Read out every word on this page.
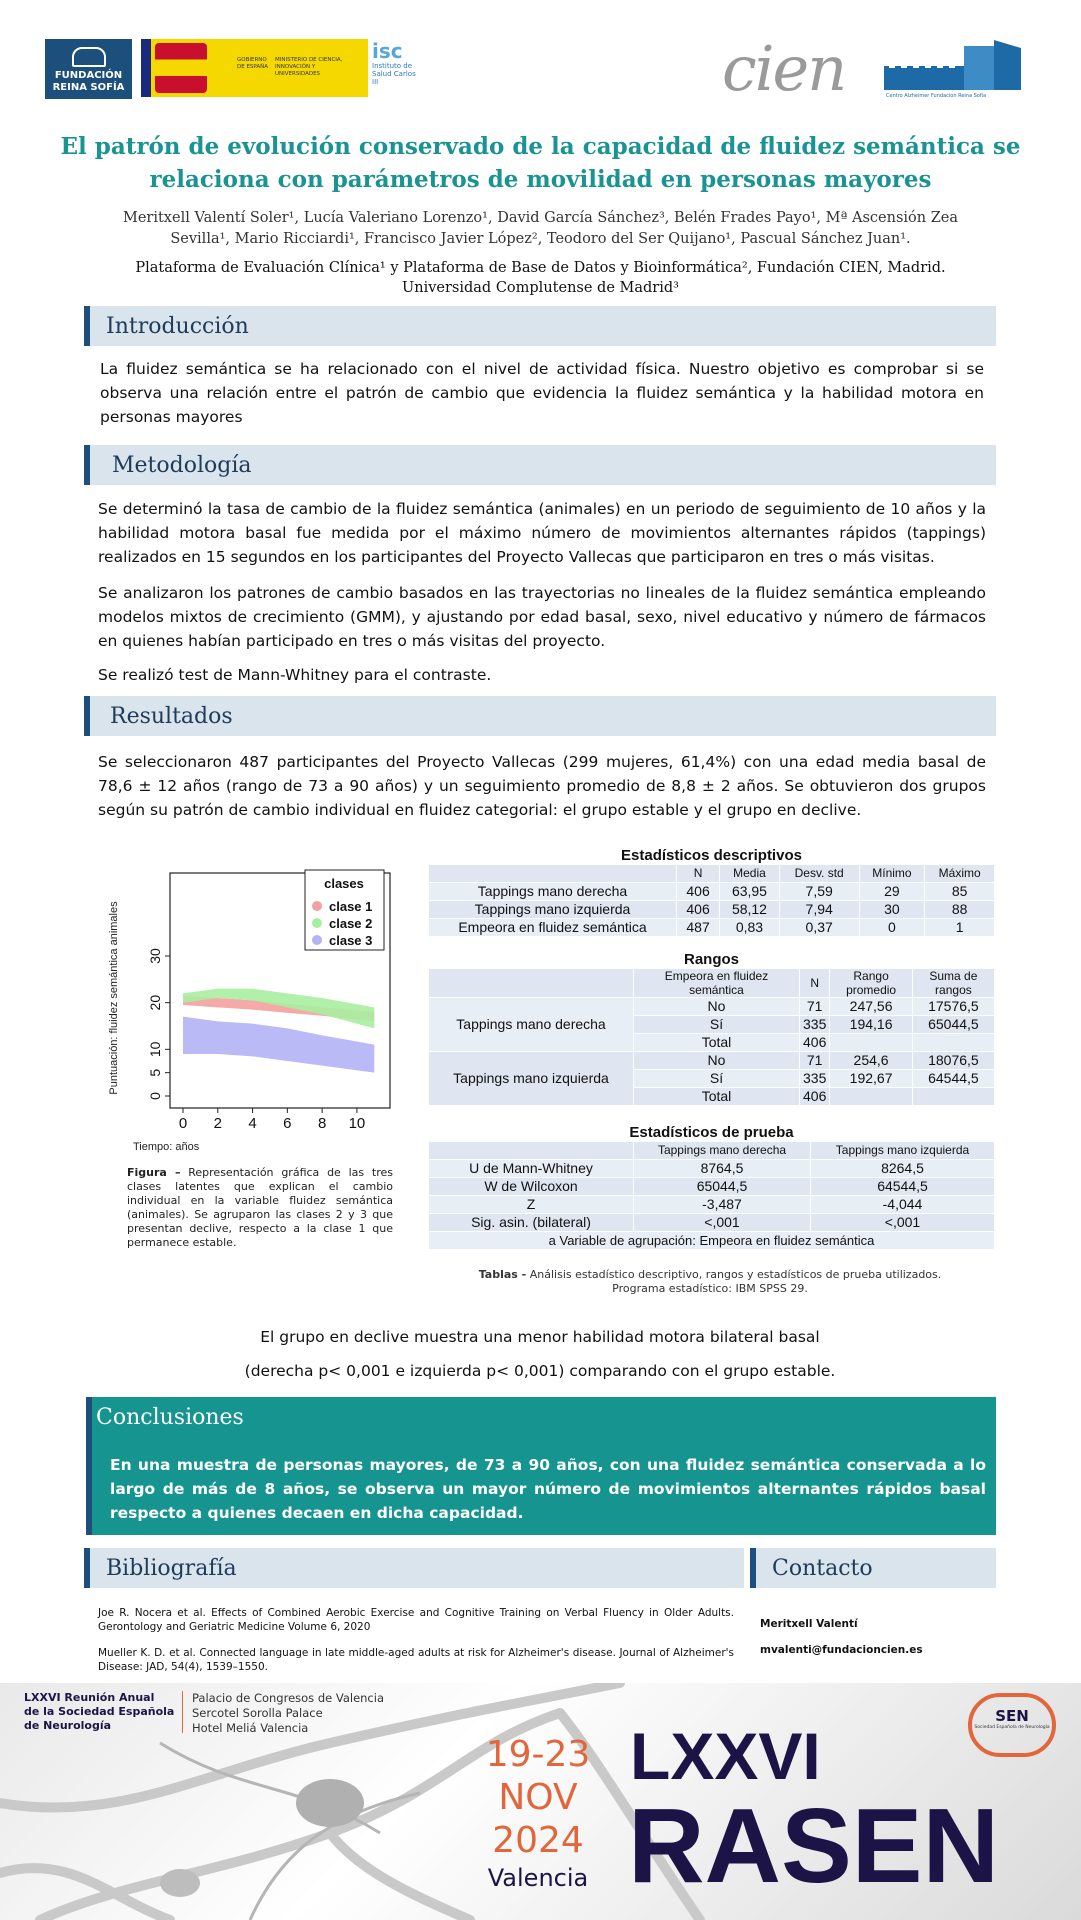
FUNDACIÓN REINA SOFÍA
GOBIERNO DE ESPAÑA
MINISTERIO DE CIENCIA, INNOVACIÓN Y UNIVERSIDADES
isc
Instituto de Salud Carlos III	cien	Centro Alzheimer Fundación Reina Sofía
El patrón de evolución conservado de la capacidad de fluidez semántica se relaciona con parámetros de movilidad en personas mayores
Meritxell Valentí Soler¹, Lucía Valeriano Lorenzo¹, David García Sánchez³, Belén Frades Payo¹, Mª Ascensión Zea Sevilla¹, Mario Ricciardi¹, Francisco Javier López², Teodoro del Ser Quijano¹, Pascual Sánchez Juan¹.
Plataforma de Evaluación Clínica¹ y Plataforma de Base de Datos y Bioinformática², Fundación CIEN, Madrid. Universidad Complutense de Madrid³
Introducción
La fluidez semántica se ha relacionado con el nivel de actividad física. Nuestro objetivo es comprobar si se observa una relación entre el patrón de cambio que evidencia la fluidez semántica y la habilidad motora en personas mayores
Metodología
Se determinó la tasa de cambio de la fluidez semántica (animales) en un periodo de seguimiento de 10 años y la habilidad motora basal fue medida por el máximo número de movimientos alternantes rápidos (tappings) realizados en 15 segundos en los participantes del Proyecto Vallecas que participaron en tres o más visitas.
Se analizaron los patrones de cambio basados en las trayectorias no lineales de la fluidez semántica empleando modelos mixtos de crecimiento (GMM), y ajustando por edad basal, sexo, nivel educativo y número de fármacos en quienes habían participado en tres o más visitas del proyecto.
Se realizó test de Mann-Whitney para el contraste.
Resultados
Se seleccionaron 487 participantes del Proyecto Vallecas (299 mujeres, 61,4%) con una edad media basal de 78,6 ± 12 años (rango de 73 a 90 años) y un seguimiento promedio de 8,8 ± 2 años. Se obtuvieron dos grupos según su patrón de cambio individual en fluidez categorial: el grupo estable y el grupo en declive.
0 2 4 6 8 10
0
5
10
20
30
Puntuación: fluidez semántica animales
Tiempo: años
clases
clase 1
clase 2
clase 3
Figura – Representación gráfica de las tres clases latentes que explican el cambio individual en la variable fluidez semántica (animales). Se agruparon las clases 2 y 3 que presentan declive, respecto a la clase 1 que permanece estable.
Estadísticos descriptivos					
	N	Media	Desv. std	Mínimo	Máximo
Tappings mano derecha	406	63,95	7,59	29	85
Tappings mano izquierda	406	58,12	7,94	30	88
Empeora en fluidez semántica	487	0,83	0,37	0	1
Rangos				
	Empeora en fluidez semántica	N	Rango promedio	Suma de rangos
Tappings mano derecha	No	71	247,56	17576,5
	Sí	335	194,16	65044,5
	Total	406		
Tappings mano izquierda	No	71	254,6	18076,5
	Sí	335	192,67	64544,5
	Total	406		
Estadísticos de prueba		
	Tappings mano derecha	Tappings mano izquierda
U de Mann-Whitney	8764,5	8264,5
W de Wilcoxon	65044,5	64544,5
Z	-3,487	-4,044
Sig. asin. (bilateral)	<,001	<,001
a Variable de agrupación: Empeora en fluidez semántica		
Tablas - Análisis estadístico descriptivo, rangos y estadísticos de prueba utilizados.
Programa estadístico: IBM SPSS 29.
El grupo en declive muestra una menor habilidad motora bilateral basal
(derecha p< 0,001 e izquierda p< 0,001) comparando con el grupo estable.
Conclusiones
En una muestra de personas mayores, de 73 a 90 años, con una fluidez semántica conservada a lo largo de más de 8 años, se observa un mayor número de movimientos alternantes rápidos basal respecto a quienes decaen en dicha capacidad.
Bibliografía	Contacto
Joe R. Nocera et al. Effects of Combined Aerobic Exercise and Cognitive Training on Verbal Fluency in Older Adults. Gerontology and Geriatric Medicine Volume 6, 2020
Mueller K. D. et al. Connected language in late middle-aged adults at risk for Alzheimer's disease. Journal of Alzheimer's Disease: JAD, 54(4), 1539–1550.
Meritxell Valentí
mvalenti@fundacioncien.es
LXXVI Reunión Anual
de la Sociedad Española
de Neurología
Palacio de Congresos de Valencia
Sercotel Sorolla Palace
Hotel Meliá Valencia
19-23
NOV
2024
Valencia
LXXVI
RASEN
SEN
Sociedad Española de Neurología
